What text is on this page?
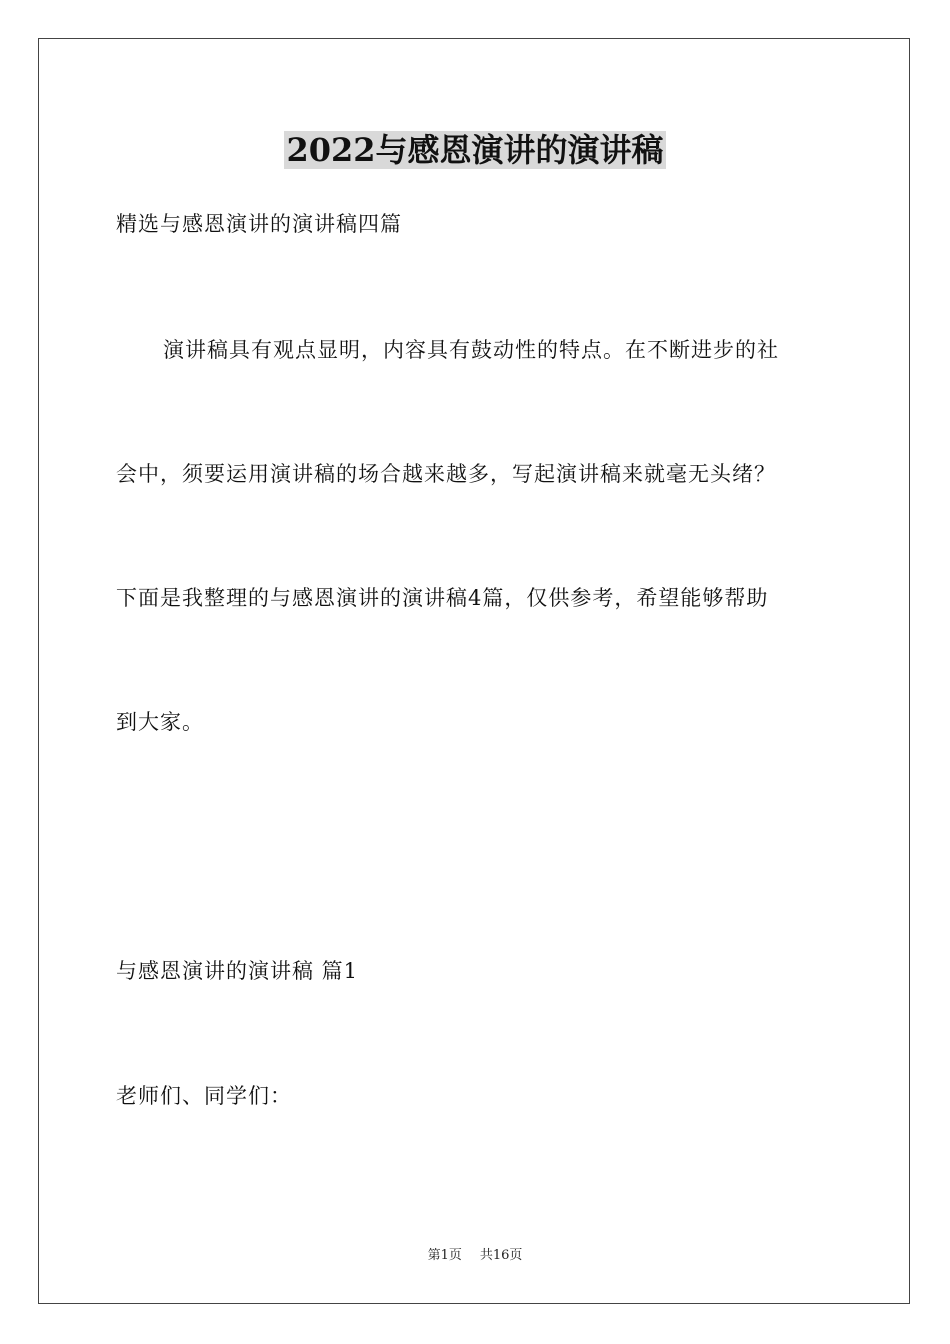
2022与感恩演讲的演讲稿
精选与感恩演讲的演讲稿四篇
演讲稿具有观点显明，内容具有鼓动性的特点。在不断进步的社
会中，须要运用演讲稿的场合越来越多，写起演讲稿来就毫无头绪？
下面是我整理的与感恩演讲的演讲稿4篇，仅供参考，希望能够帮助
到大家。
与感恩演讲的演讲稿 篇1
老师们、同学们：
第1页 共16页
